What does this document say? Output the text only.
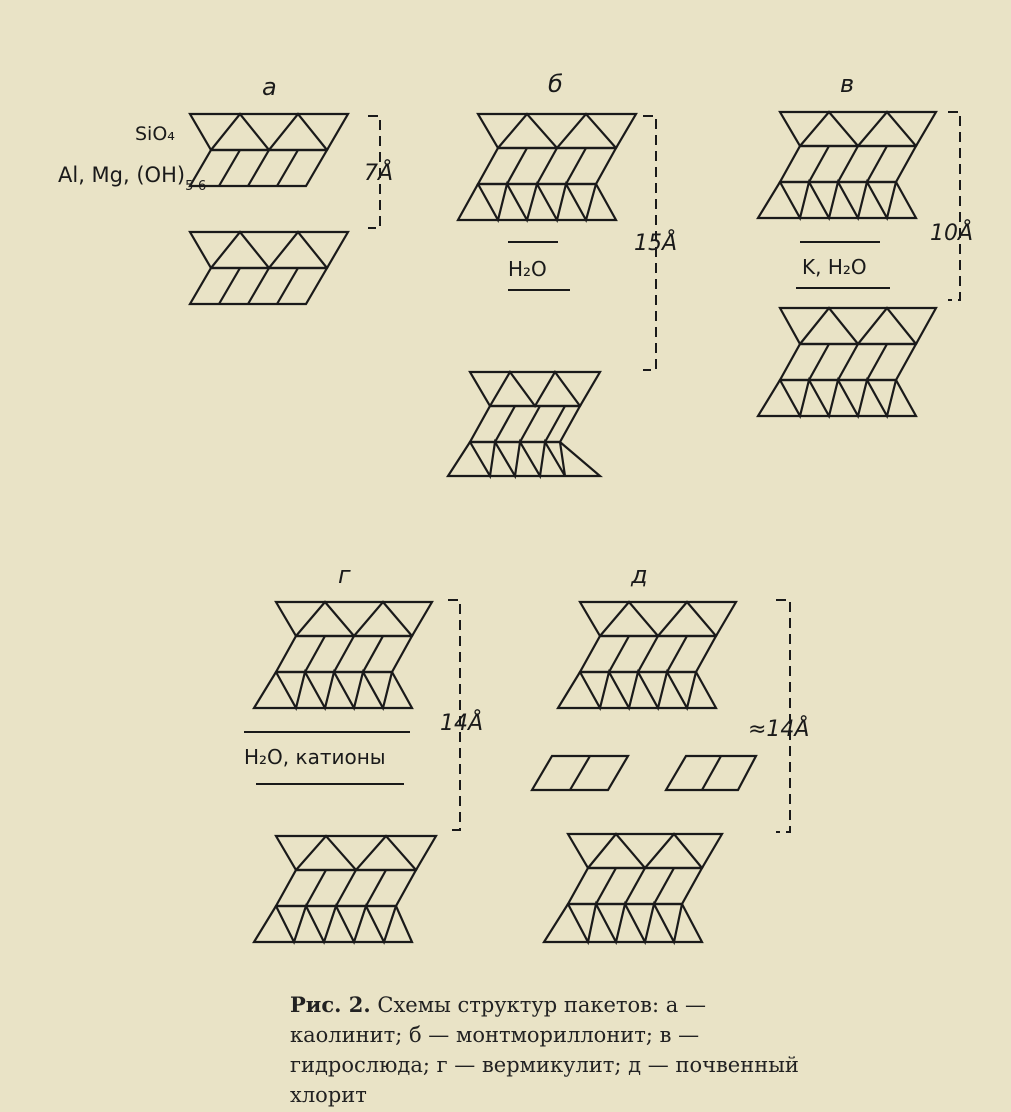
а	б	в
г	д
SiO₄
Al, Mg, $(OH)_{5-6}$
7Å
H₂O
15Å
K, H₂O
10Å
H₂O, катионы
14Å	≈14Å
Рис. 2. Схемы структур пакетов: а — каолинит; б — монтмориллонит; в — гидрослюда; г — вермикулит; д — почвенный хлорит
